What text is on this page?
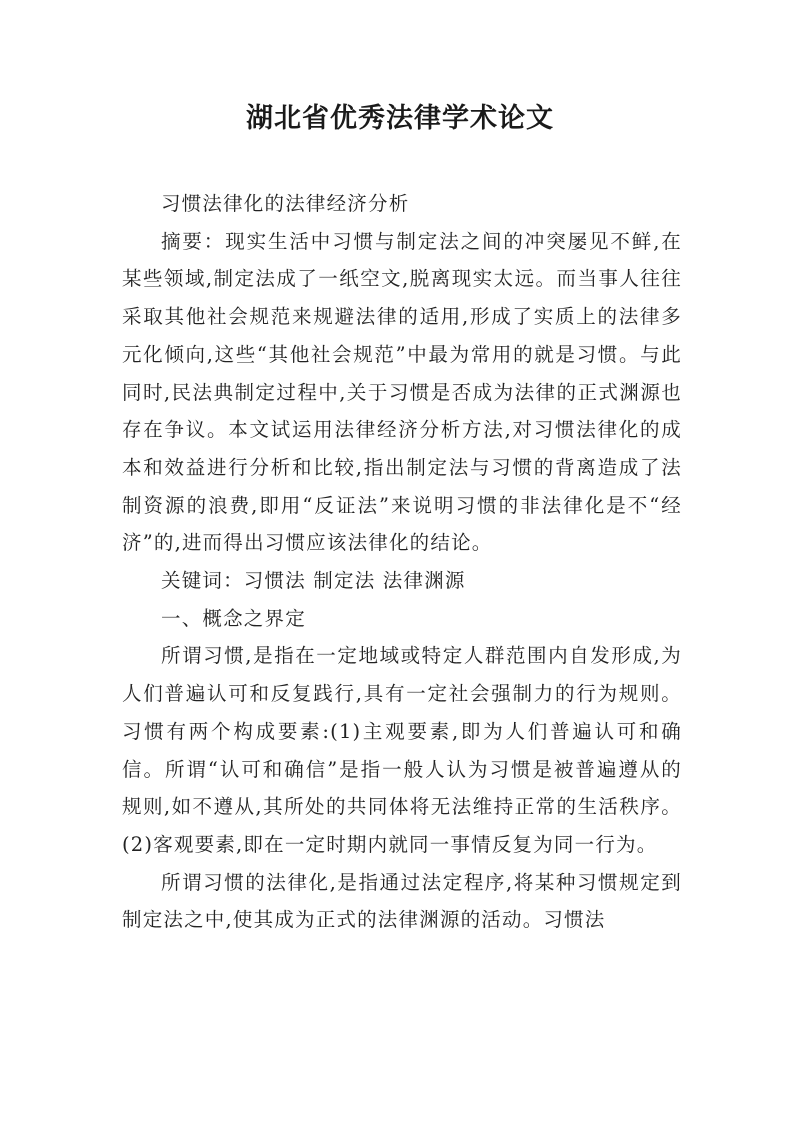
湖北省优秀法律学术论文

习惯法律化的法律经济分析

摘要：现实生活中习惯与制定法之间的冲突屡见不鲜,在某些领域,制定法成了一纸空文,脱离现实太远。而当事人往往采取其他社会规范来规避法律的适用,形成了实质上的法律多元化倾向,这些“其他社会规范”中最为常用的就是习惯。与此同时,民法典制定过程中,关于习惯是否成为法律的正式渊源也存在争议。本文试运用法律经济分析方法,对习惯法律化的成本和效益进行分析和比较,指出制定法与习惯的背离造成了法制资源的浪费,即用“反证法”来说明习惯的非法律化是不“经济”的,进而得出习惯应该法律化的结论。

关键词：习惯法 制定法 法律渊源

一、概念之界定

所谓习惯,是指在一定地域或特定人群范围内自发形成,为人们普遍认可和反复践行,具有一定社会强制力的行为规则。习惯有两个构成要素:(1)主观要素,即为人们普遍认可和确信。所谓“认可和确信”是指一般人认为习惯是被普遍遵从的规则,如不遵从,其所处的共同体将无法维持正常的生活秩序。(2)客观要素,即在一定时期内就同一事情反复为同一行为。

所谓习惯的法律化,是指通过法定程序,将某种习惯规定到制定法之中,使其成为正式的法律渊源的活动。习惯法
